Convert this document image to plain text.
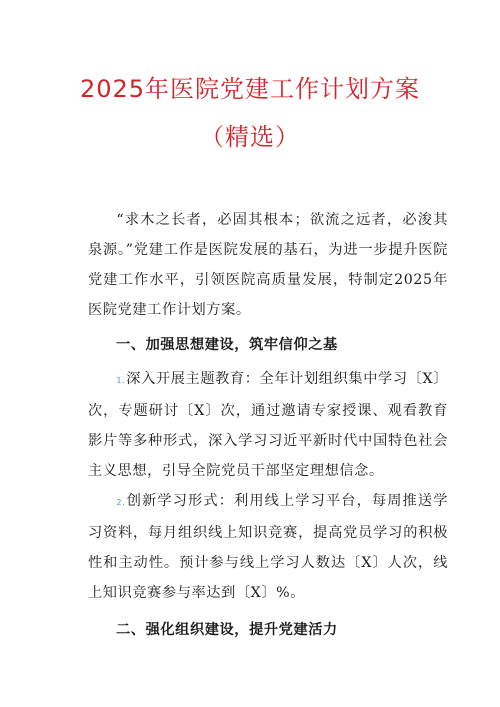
2025年医院党建工作计划方案
（精选）

“求木之长者，必固其根本；欲流之远者，必浚其泉源。”党建工作是医院发展的基石，为进一步提升医院党建工作水平，引领医院高质量发展，特制定2025年医院党建工作计划方案。

一、加强思想建设，筑牢信仰之基

1.深入开展主题教育：全年计划组织集中学习〔X〕次，专题研讨〔X〕次，通过邀请专家授课、观看教育影片等多种形式，深入学习习近平新时代中国特色社会主义思想，引导全院党员干部坚定理想信念。

2.创新学习形式：利用线上学习平台，每周推送学习资料，每月组织线上知识竞赛，提高党员学习的积极性和主动性。预计参与线上学习人数达〔X〕人次，线上知识竞赛参与率达到〔X〕%。

二、强化组织建设，提升党建活力
